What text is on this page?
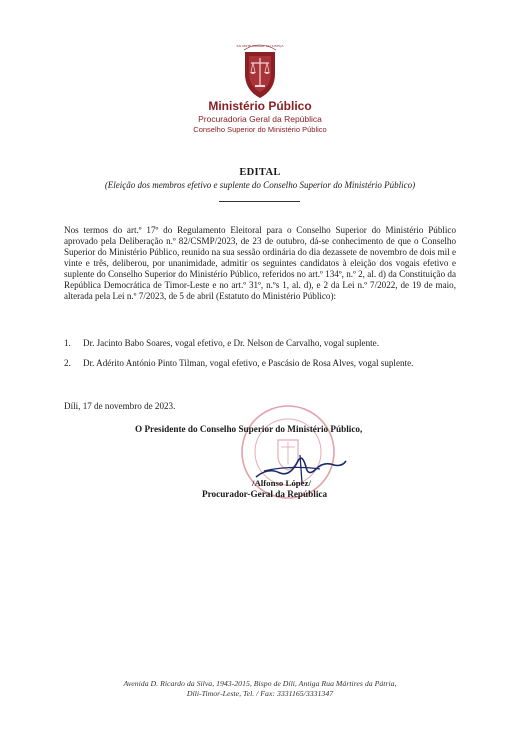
SAI MOTE HAMARE KAI JUSTIÇA
Ministério Público
Procuradoria Geral da República
Conselho Superior do Ministério Público
EDITAL
(Eleição dos membros efetivo e suplente do Conselho Superior do Ministério Público)
Nos termos do art.º 17º do Regulamento Eleitoral para o Conselho Superior do Ministério Público aprovado pela Deliberação n.º 82/CSMP/2023, de 23 de outubro, dá-se conhecimento de que o Conselho Superior do Ministério Público, reunido na sua sessão ordinária do dia dezassete de novembro de dois mil e vinte e três, deliberou, por unanimidade, admitir os seguintes candidatos à eleição dos vogais efetivo e suplente do Conselho Superior do Ministério Público, referidos no art.º 134º, n.º 2, al. d) da Constituição da República Democrática de Timor-Leste e no art.º 31º, n.ºs 1, al. d), e 2 da Lei n.º 7/2022, de 19 de maio, alterada pela Lei n.º 7/2023, de 5 de abril (Estatuto do Ministério Público):
1. Dr. Jacinto Babo Soares, vogal efetivo, e Dr. Nelson de Carvalho, vogal suplente.
2. Dr. Adérito António Pinto Tilman, vogal efetivo, e Pascásio de Rosa Alves, vogal suplente.
Díli, 17 de novembro de 2023.
O Presidente do Conselho Superior do Ministério Público,
/Alfonso López/
Procurador-Geral da República
Avenida D. Ricardo da Silva, 1943-2015, Bispo de Díli, Antiga Rua Mártires da Pátria,
Díli-Timor-Leste, Tel. / Fax: 3331165/3331347
